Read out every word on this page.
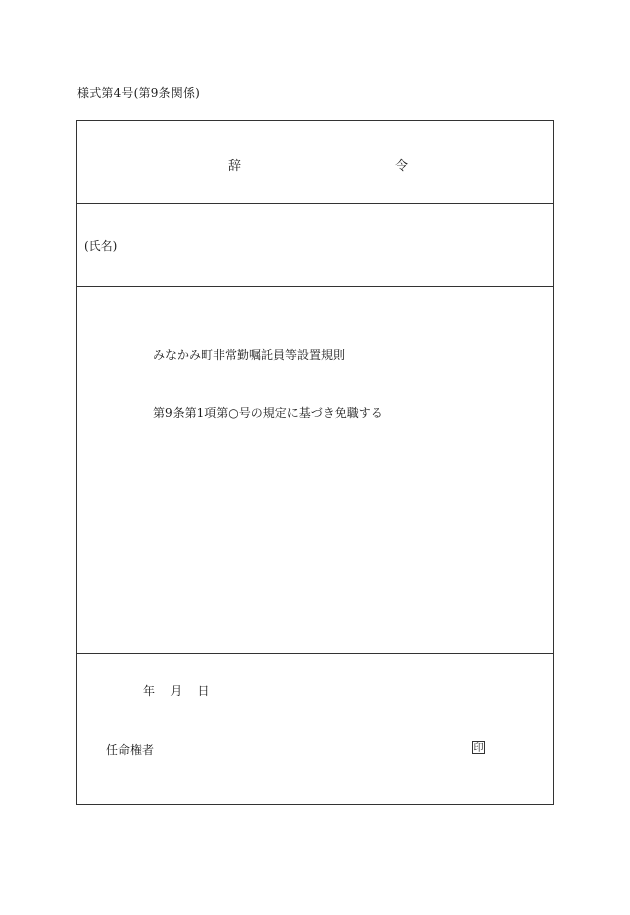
様式第4号(第9条関係)
辞	令
(氏名)
みなかみ町非常勤嘱託員等設置規則
第9条第1項第○号の規定に基づき免職する
年    月    日
任命権者	印
